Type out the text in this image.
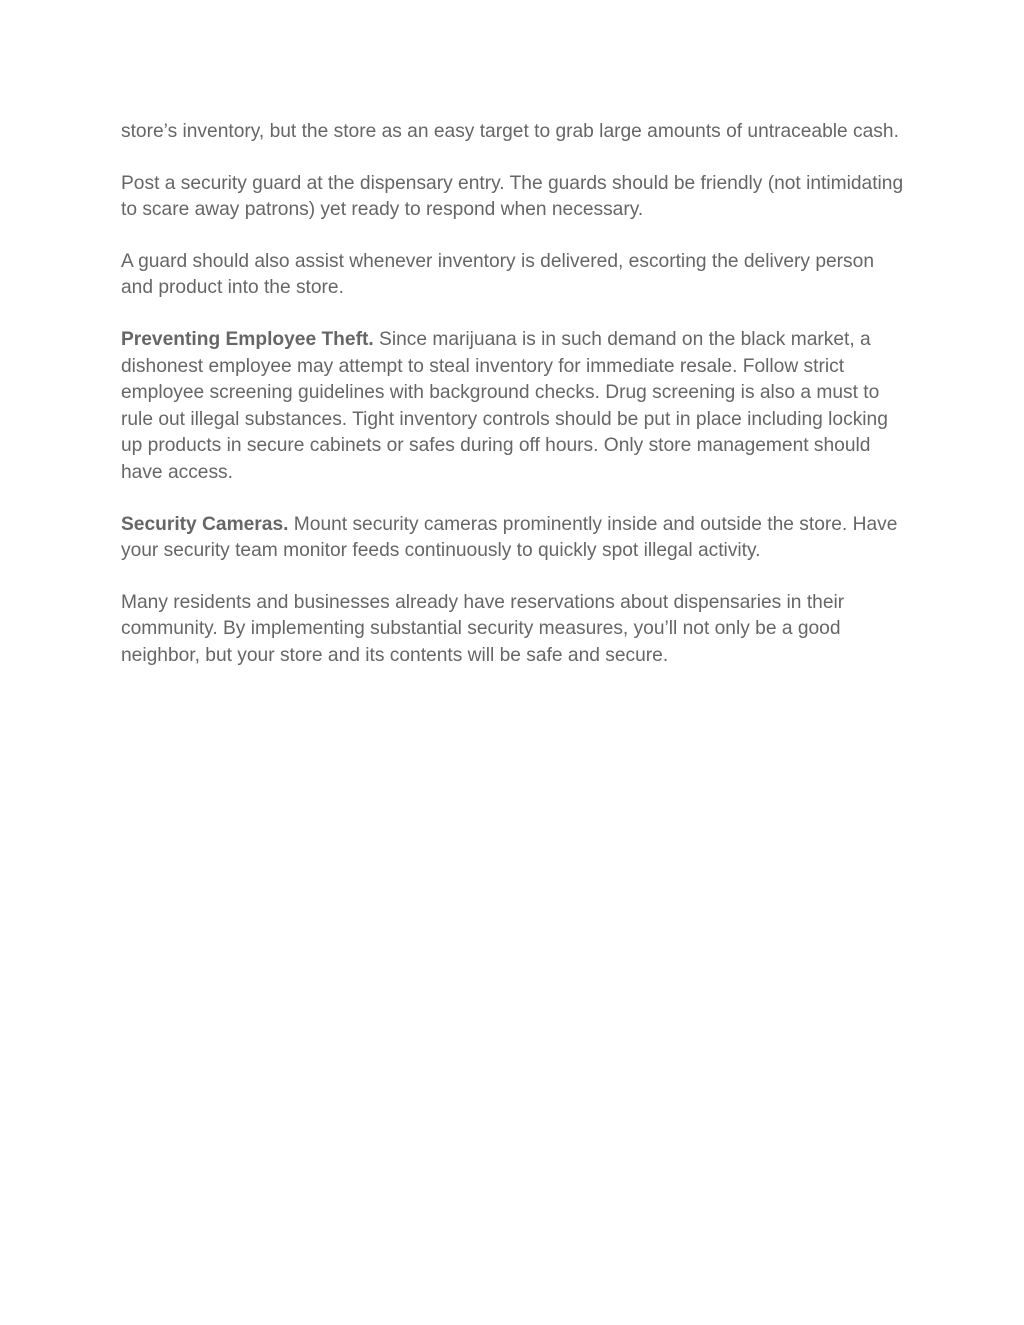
store’s inventory, but the store as an easy target to grab large amounts of untraceable cash.

Post a security guard at the dispensary entry. The guards should be friendly (not intimidating to scare away patrons) yet ready to respond when necessary.

A guard should also assist whenever inventory is delivered, escorting the delivery person and product into the store.

Preventing Employee Theft. Since marijuana is in such demand on the black market, a dishonest employee may attempt to steal inventory for immediate resale. Follow strict employee screening guidelines with background checks. Drug screening is also a must to rule out illegal substances. Tight inventory controls should be put in place including locking up products in secure cabinets or safes during off hours. Only store management should have access.

Security Cameras. Mount security cameras prominently inside and outside the store. Have your security team monitor feeds continuously to quickly spot illegal activity.

Many residents and businesses already have reservations about dispensaries in their community. By implementing substantial security measures, you’ll not only be a good neighbor, but your store and its contents will be safe and secure.
